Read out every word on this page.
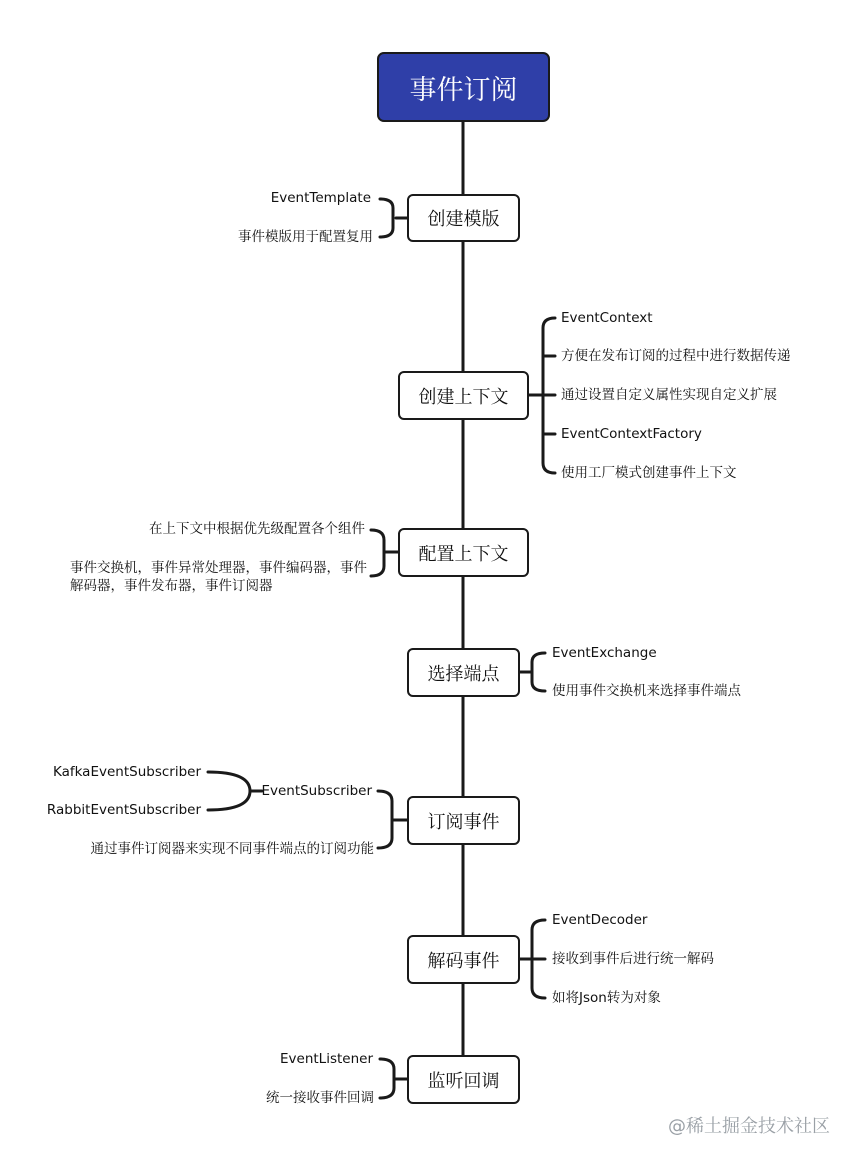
事件订阅
创建模版
创建上下文
配置上下文
选择端点
订阅事件
解码事件
监听回调
EventTemplate
事件模版用于配置复用
EventContext
方便在发布订阅的过程中进行数据传递
通过设置自定义属性实现自定义扩展
EventContextFactory
使用工厂模式创建事件上下文
在上下文中根据优先级配置各个组件
事件交换机，事件异常处理器，事件编码器，事件解码器，事件发布器，事件订阅器
EventExchange
使用事件交换机来选择事件端点
EventSubscriber
通过事件订阅器来实现不同事件端点的订阅功能
KafkaEventSubscriber
RabbitEventSubscriber
EventDecoder
接收到事件后进行统一解码
如将Json转为对象
EventListener
统一接收事件回调
@稀土掘金技术社区
